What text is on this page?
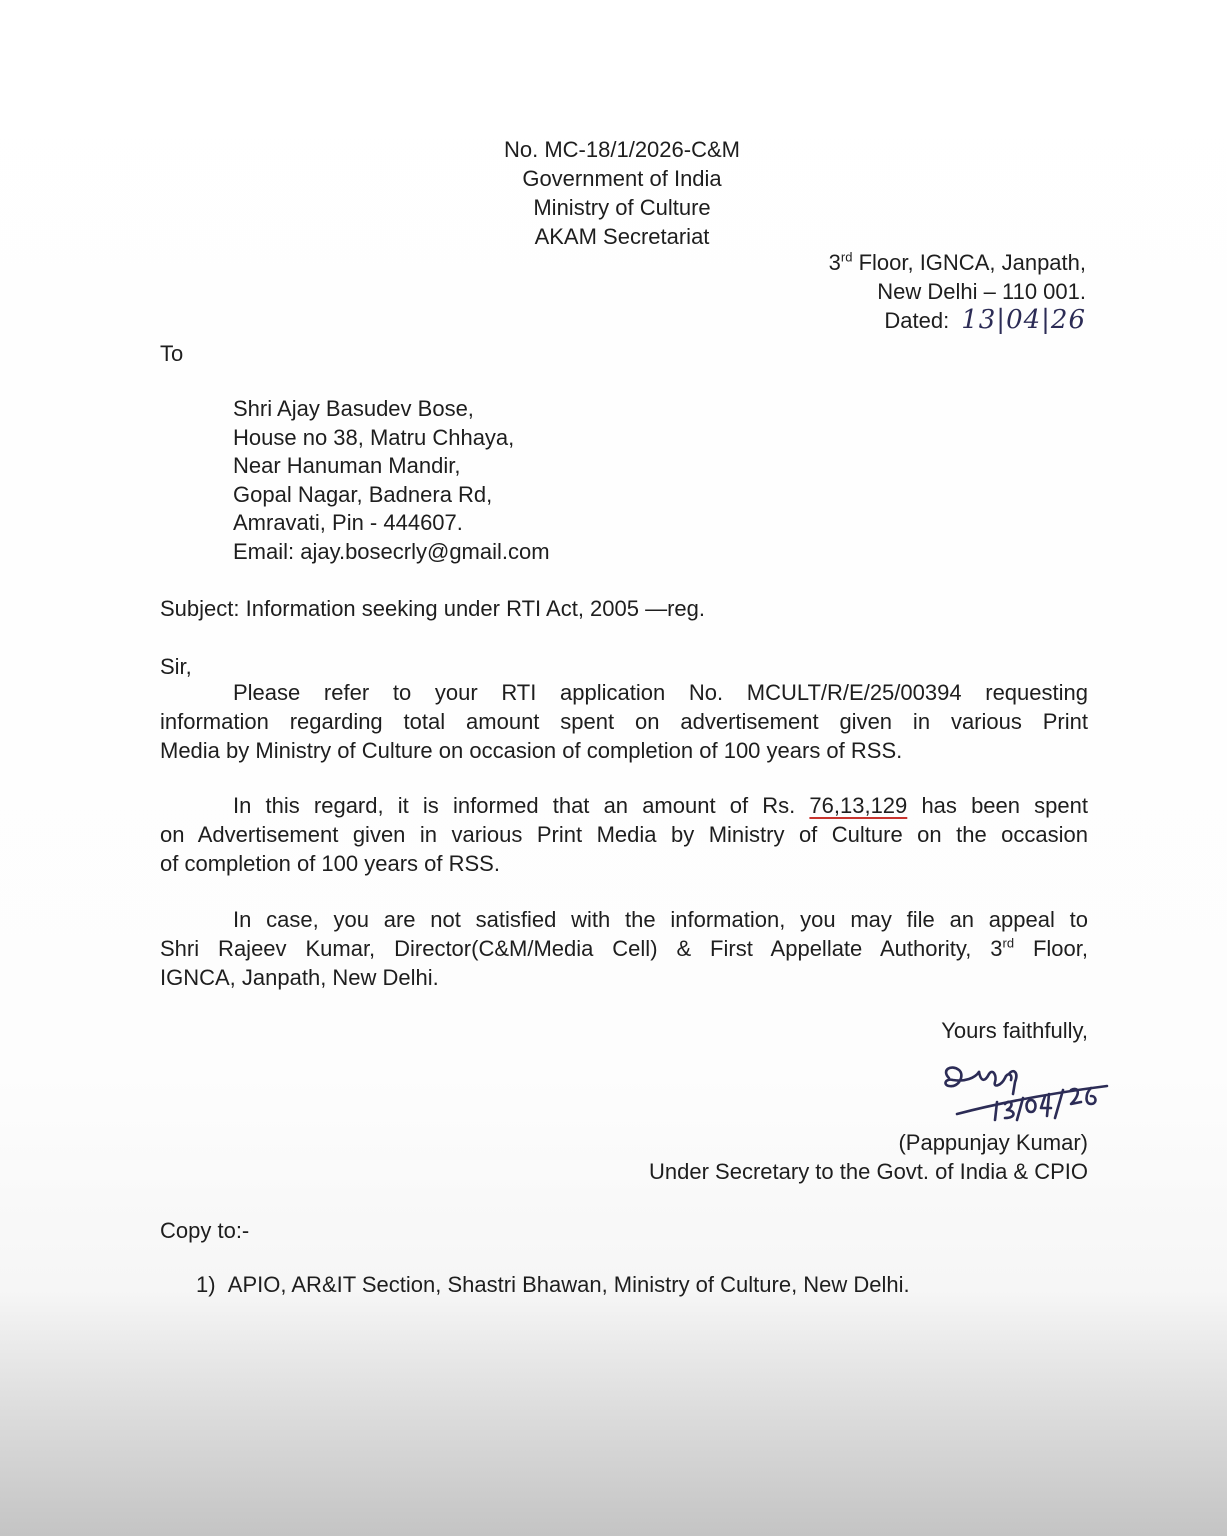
No. MC-18/1/2026-C&M
Government of India
Ministry of Culture
AKAM Secretariat
3rd Floor, IGNCA, Janpath,
New Delhi – 110 001.
Dated: 13|04|26
To
Shri Ajay Basudev Bose,
House no 38, Matru Chhaya,
Near Hanuman Mandir,
Gopal Nagar, Badnera Rd,
Amravati, Pin - 444607.
Email: ajay.bosecrly@gmail.com
Subject: Information seeking under RTI Act, 2005 —reg.
Sir,
Please refer to your RTI application No. MCULT/R/E/25/00394 requesting
information regarding total amount spent on advertisement given in various Print
Media by Ministry of Culture on occasion of completion of 100 years of RSS.
In this regard, it is informed that an amount of Rs. 76,13,129 has been spent
on Advertisement given in various Print Media by Ministry of Culture on the occasion
of completion of 100 years of RSS.
In case, you are not satisfied with the information, you may file an appeal to
Shri Rajeev Kumar, Director(C&M/Media Cell) & First Appellate Authority, 3rd Floor,
IGNCA, Janpath, New Delhi.
Yours faithfully,
(Pappunjay Kumar)
Under Secretary to the Govt. of India & CPIO
Copy to:-
1) APIO, AR&IT Section, Shastri Bhawan, Ministry of Culture, New Delhi.
